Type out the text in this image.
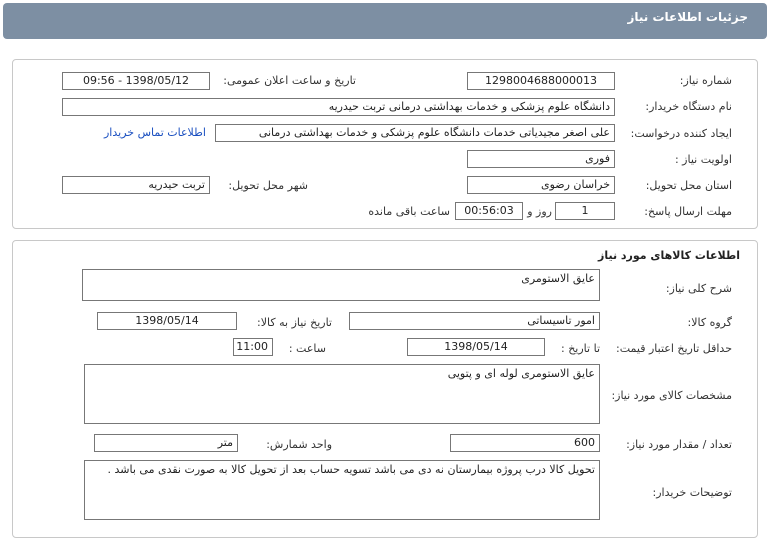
جزئیات اطلاعات نیاز
شماره نیاز:
1298004688000013
تاریخ و ساعت اعلان عمومی:
1398/05/12 - 09:56
نام دستگاه خریدار:
دانشگاه علوم پزشکی و خدمات بهداشتی درمانی تربت حیدریه
ایجاد کننده درخواست:
علی اصغر مجیدیاتی خدمات دانشگاه علوم پزشکی و خدمات بهداشتی درمانی
اطلاعات تماس خریدار
اولویت نیاز :
فوری
استان محل تحویل:
خراسان رضوی
شهر محل تحویل:
تربت حیدریه
مهلت ارسال پاسخ:
1
روز و
00:56:03
ساعت باقی مانده
اطلاعات کالاهای مورد نیاز
شرح کلی نیاز:
عایق الاستومری
گروه کالا:
امور تاسیساتی
تاریخ نیاز به کالا:
1398/05/14
حداقل تاریخ اعتبار قیمت:
تا تاریخ :
1398/05/14
ساعت :
11:00
مشخصات کالای مورد نیاز:
عایق الاستومری لوله ای و پتویی
تعداد / مقدار مورد نیاز:
600
واحد شمارش:
متر
توضیحات خریدار:
تحویل کالا درب پروژه بیمارستان نه دی می باشد تسویه حساب بعد از تحویل کالا به صورت نقدی می باشد .
